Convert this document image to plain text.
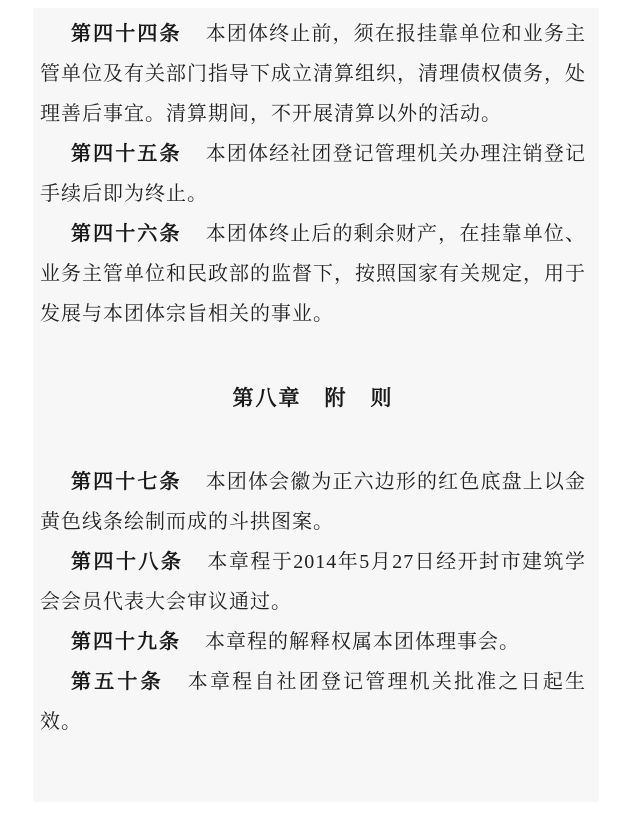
第四十四条 本团体终止前，须在报挂靠单位和业务主管单位及有关部门指导下成立清算组织，清理债权债务，处理善后事宜。清算期间，不开展清算以外的活动。

第四十五条 本团体经社团登记管理机关办理注销登记手续后即为终止。

第四十六条 本团体终止后的剩余财产，在挂靠单位、业务主管单位和民政部的监督下，按照国家有关规定，用于发展与本团体宗旨相关的事业。

第八章　附　则

第四十七条 本团体会徽为正六边形的红色底盘上以金黄色线条绘制而成的斗拱图案。

第四十八条 本章程于2014年5月27日经开封市建筑学会会员代表大会审议通过。

第四十九条 本章程的解释权属本团体理事会。

第五十条 本章程自社团登记管理机关批准之日起生效。
